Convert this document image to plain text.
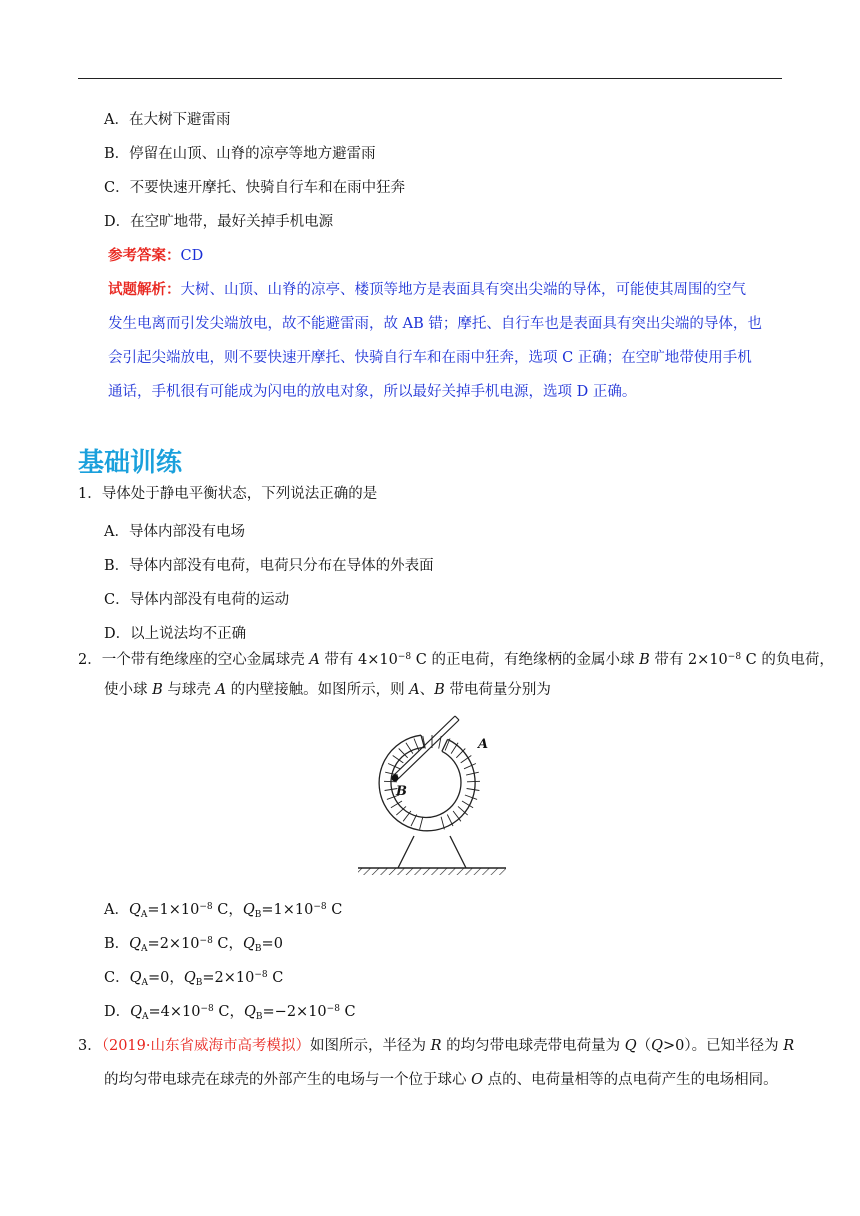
A．在大树下避雷雨
B．停留在山顶、山脊的凉亭等地方避雷雨
C．不要快速开摩托、快骑自行车和在雨中狂奔
D．在空旷地带，最好关掉手机电源
参考答案：CD
试题解析：大树、山顶、山脊的凉亭、楼顶等地方是表面具有突出尖端的导体，可能使其周围的空气
发生电离而引发尖端放电，故不能避雷雨，故 AB 错；摩托、自行车也是表面具有突出尖端的导体，也
会引起尖端放电，则不要快速开摩托、快骑自行车和在雨中狂奔，选项 C 正确；在空旷地带使用手机
通话，手机很有可能成为闪电的放电对象，所以最好关掉手机电源，选项 D 正确。
基础训练
1．导体处于静电平衡状态，下列说法正确的是
A．导体内部没有电场
B．导体内部没有电荷，电荷只分布在导体的外表面
C．导体内部没有电荷的运动
D．以上说法均不正确
2．一个带有绝缘座的空心金属球壳 A 带有 $4\times 10^{-8}$ C 的正电荷，有绝缘柄的金属小球 B 带有 $2\times 10^{-8}$ C 的负电荷，
使小球 B 与球壳 A 的内壁接触。如图所示，则 A、B 带电荷量分别为
A
B
A．$Q_A=1\times 10^{-8}$ C，$Q_B=1\times 10^{-8}$ C
B．$Q_A=2\times 10^{-8}$ C，$Q_B=0$
C．$Q_A=0$，$Q_B=2\times 10^{-8}$ C
D．$Q_A=4\times 10^{-8}$ C，$Q_B=-2\times 10^{-8}$ C
3．（2019·山东省威海市高考模拟）如图所示，半径为 R 的均匀带电球壳带电荷量为 Q（Q>0）。已知半径为 R
的均匀带电球壳在球壳的外部产生的电场与一个位于球心 O 点的、电荷量相等的点电荷产生的电场相同。
